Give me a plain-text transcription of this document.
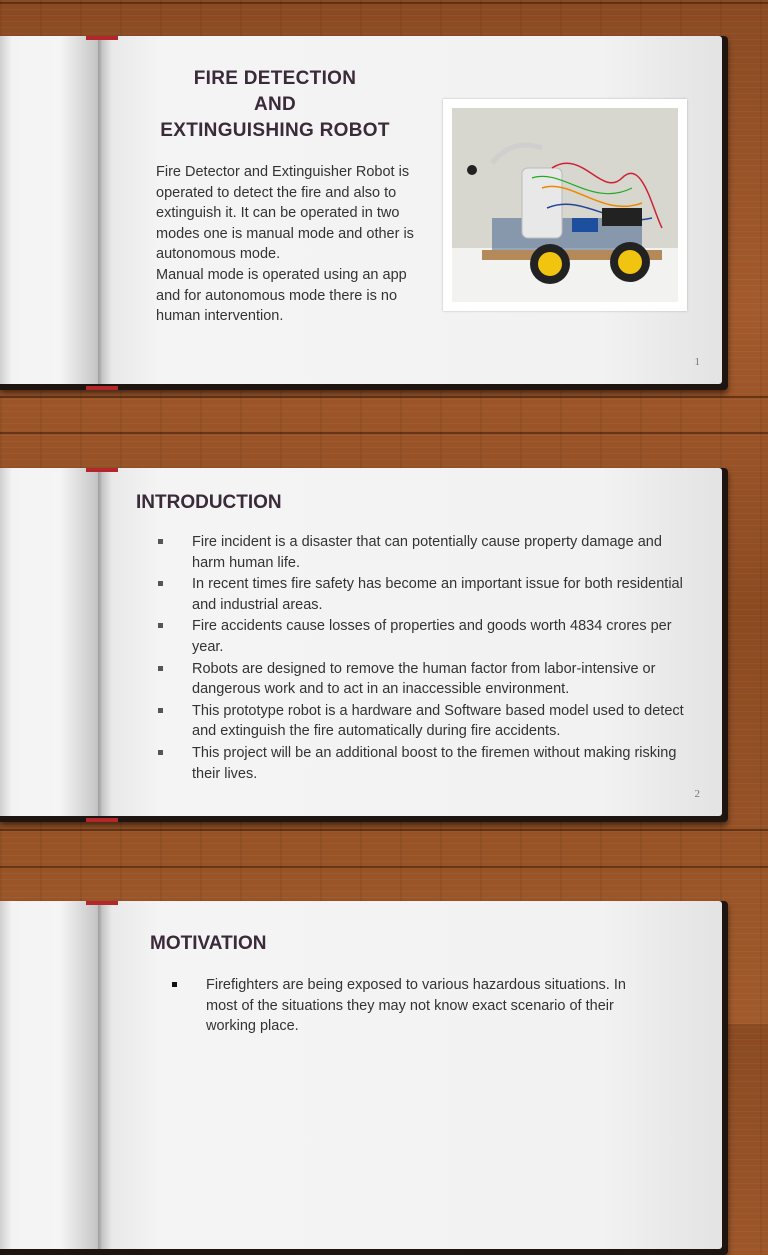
FIRE DETECTION
AND
EXTINGUISHING ROBOT
Fire Detector and Extinguisher Robot is operated to detect the fire and also to extinguish it. It can be operated in two modes one is manual mode and other is autonomous mode.
Manual mode is operated using an app and for autonomous mode there is no human intervention.
1
INTRODUCTION
Fire incident is a disaster that can potentially cause property damage and harm human life.
In recent times fire safety has become an important issue for both residential and industrial areas.
Fire accidents cause losses of properties and goods worth 4834 crores per year.
Robots are designed to remove the human factor from labor-intensive or dangerous work and to act in an inaccessible environment.
This prototype robot is a hardware and Software based model used to detect and extinguish the fire automatically during fire accidents.
This project will be an additional boost to the firemen without making risking their lives.
2
MOTIVATION
Firefighters are being exposed to various hazardous situations. In most of the situations they may not know exact scenario of their working place.
